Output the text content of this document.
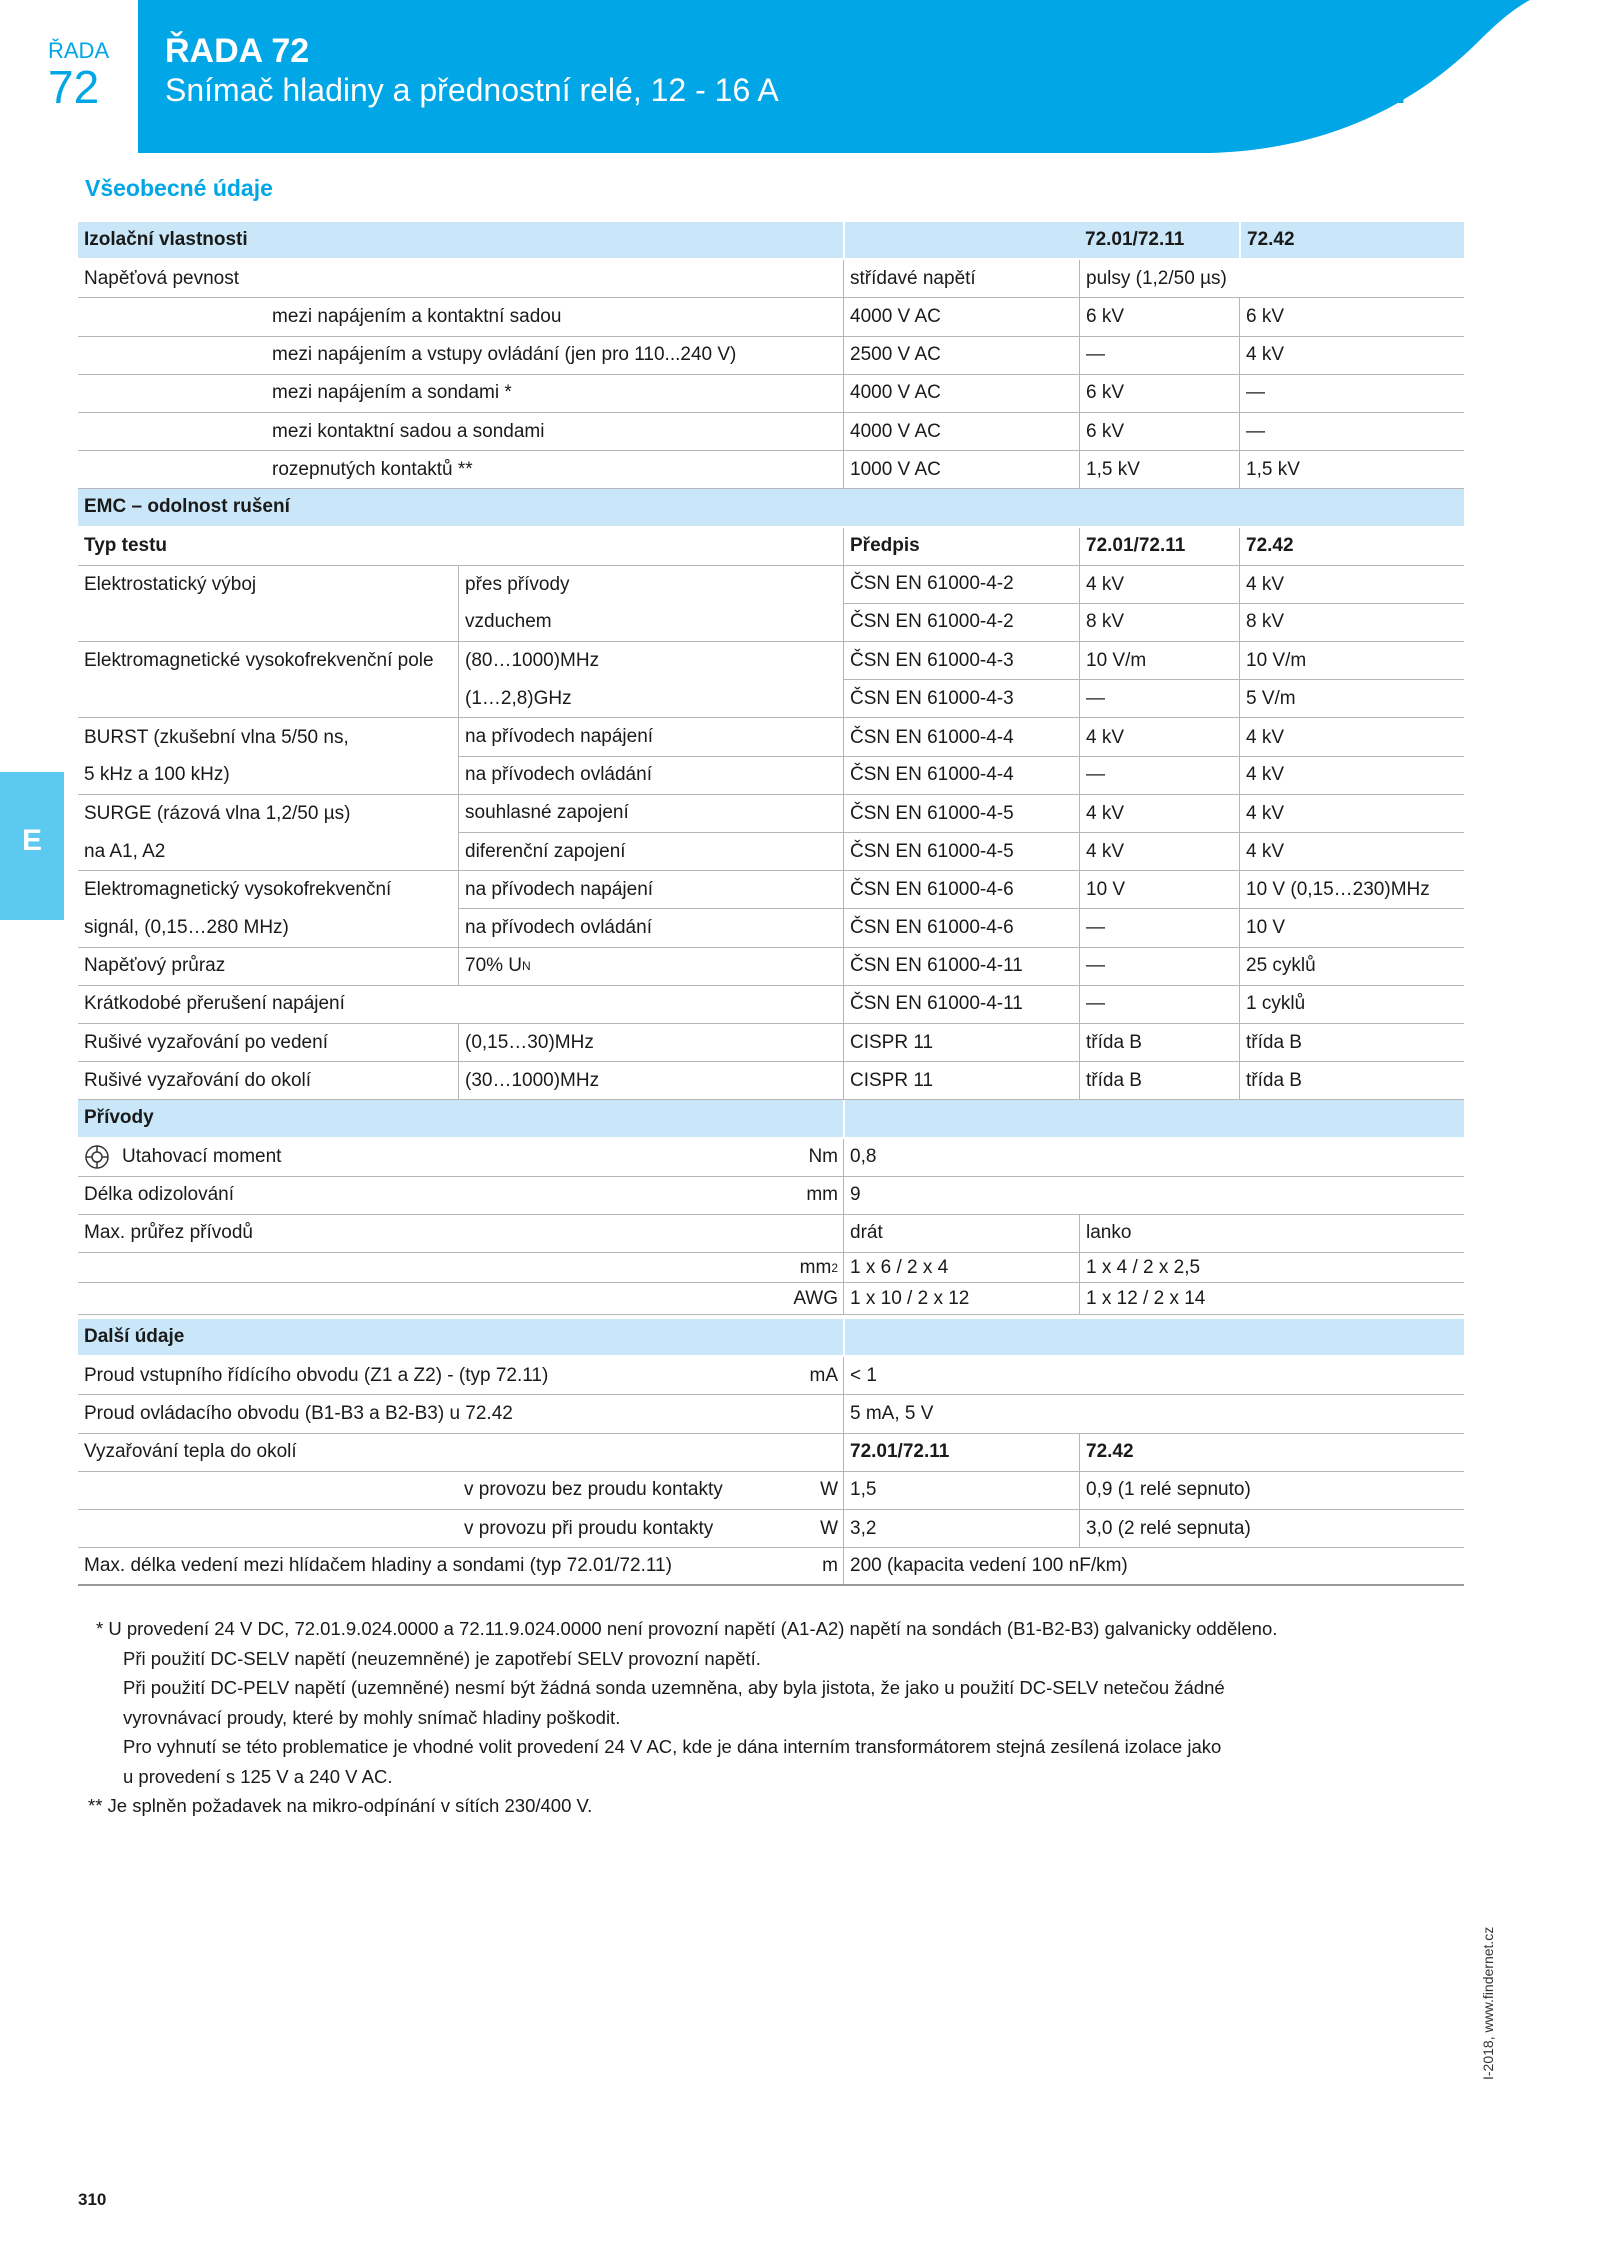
ŘADA
72
ŘADA 72
Snímač hladiny a přednostní relé, 12 - 16 A	finder
Všeobecné údaje
E
Izolační vlastnosti	72.01/72.11	72.42
Napěťová pevnost	střídavé napětí	pulsy (1,2/50 µs)
mezi napájením a kontaktní sadou	4000 V AC	6 kV	6 kV
mezi napájením a vstupy ovládání (jen pro 110...240 V)	2500 V AC	—	4 kV
mezi napájením a sondami *	4000 V AC	6 kV	—
mezi kontaktní sadou a sondami	4000 V AC	6 kV	—
rozepnutých kontaktů **	1000 V AC	1,5 kV	1,5 kV
EMC – odolnost rušení
Typ testu	Předpis	72.01/72.11	72.42
Elektrostatický výboj	přes přívody	ČSN EN 61000-4-2	4 kV	4 kV
vzduchem	ČSN EN 61000-4-2	8 kV	8 kV
Elektromagnetické vysokofrekvenční pole	(80…1000)MHz	ČSN EN 61000-4-3	10 V/m	10 V/m
(1…2,8)GHz	ČSN EN 61000-4-3	—	5 V/m
BURST (zkušební vlna 5/50 ns,	na přívodech napájení	ČSN EN 61000-4-4	4 kV	4 kV
5 kHz a 100 kHz)	na přívodech ovládání	ČSN EN 61000-4-4	—	4 kV
SURGE (rázová vlna 1,2/50 µs)	souhlasné zapojení	ČSN EN 61000-4-5	4 kV	4 kV
na A1, A2	diferenční zapojení	ČSN EN 61000-4-5	4 kV	4 kV
Elektromagnetický vysokofrekvenční	na přívodech napájení	ČSN EN 61000-4-6	10 V	10 V (0,15…230)MHz
signál, (0,15…280 MHz)	na přívodech ovládání	ČSN EN 61000-4-6	—	10 V
Napěťový průraz	70% U N	ČSN EN 61000-4-11	—	25 cyklů
Krátkodobé přerušení napájení	ČSN EN 61000-4-11	—	1 cyklů
Rušivé vyzařování po vedení	(0,15…30)MHz	CISPR 11	třída B	třída B
Rušivé vyzařování do okolí	(30…1000)MHz	CISPR 11	třída B	třída B
Přívody
Utahovací moment	Nm 0,8
Délka odizolování	mm 9
Max. průřez přívodů	drát	lanko
mm 2 1 x 6 / 2 x 4	1 x 4 / 2 x 2,5
AWG 1 x 10 / 2 x 12	1 x 12 / 2 x 14
Další údaje
Proud vstupního řídícího obvodu (Z1 a Z2) - (typ 72.11)	mA < 1
Proud ovládacího obvodu (B1-B3 a B2-B3) u 72.42	5 mA, 5 V
Vyzařování tepla do okolí	72.01/72.11	72.42
v provozu bez proudu kontakty	W 1,5	0,9 (1 relé sepnuto)
v provozu při proudu kontakty	W 3,2	3,0 (2 relé sepnuta)
Max. délka vedení mezi hlídačem hladiny a sondami (typ 72.01/72.11)	m 200 (kapacita vedení 100 nF/km)
* U provedení 24 V DC, 72.01.9.024.0000 a 72.11.9.024.0000 není provozní napětí (A1-A2) napětí na sondách (B1-B2-B3) galvanicky odděleno.
Při použití DC-SELV napětí (neuzemněné) je zapotřebí SELV provozní napětí.
Při použití DC-PELV napětí (uzemněné) nesmí být žádná sonda uzemněna, aby byla jistota, že jako u použití DC-SELV netečou žádné
vyrovnávací proudy, které by mohly snímač hladiny poškodit.
Pro vyhnutí se této problematice je vhodné volit provedení 24 V AC, kde je dána interním transformátorem stejná zesílená izolace jako
u provedení s 125 V a 240 V AC.
** Je splněn požadavek na mikro-odpínání v sítích 230/400 V.
310
I-2018, www.findernet.cz
